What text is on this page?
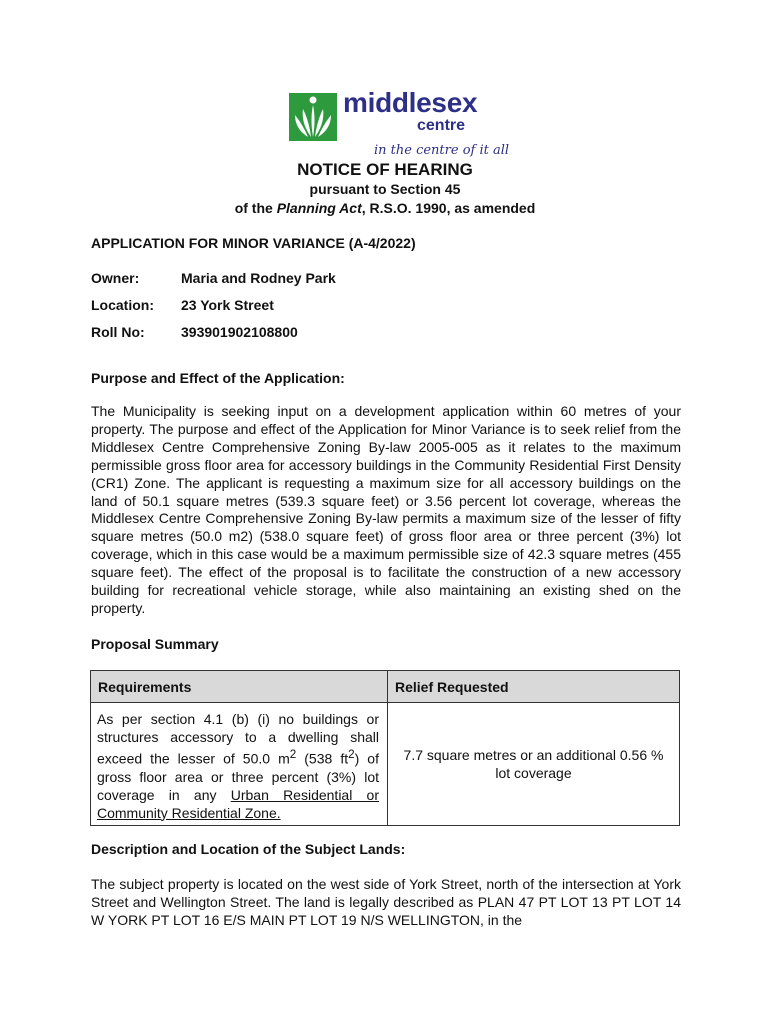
middlesex
centre
in the centre of it all
NOTICE OF HEARING
pursuant to Section 45
of the Planning Act, R.S.O. 1990, as amended
APPLICATION FOR MINOR VARIANCE (A-4/2022)
Owner:	Maria and Rodney Park
Location: 23 York Street
Roll No:	393901902108800
Purpose and Effect of the Application:
The Municipality is seeking input on a development application within 60 metres of your property. The purpose and effect of the Application for Minor Variance is to seek relief from the Middlesex Centre Comprehensive Zoning By-law 2005-005 as it relates to the maximum permissible gross floor area for accessory buildings in the Community Residential First Density (CR1) Zone. The applicant is requesting a maximum size for all accessory buildings on the land of 50.1 square metres (539.3 square feet) or 3.56 percent lot coverage, whereas the Middlesex Centre Comprehensive Zoning By-law permits a maximum size of the lesser of fifty square metres (50.0 m2) (538.0 square feet) of gross floor area or three percent (3%) lot coverage, which in this case would be a maximum permissible size of 42.3 square metres (455 square feet). The effect of the proposal is to facilitate the construction of a new accessory building for recreational vehicle storage, while also maintaining an existing shed on the property.
Proposal Summary
Requirements	Relief Requested
As per section 4.1 (b) (i) no buildings or structures accessory to a dwelling shall exceed the lesser of 50.0 $m^2$ (538 $ft^2$) of gross floor area or three percent (3%) lot coverage in any Urban Residential or Community Residential Zone.	7.7 square metres or an additional 0.56 % lot coverage
Description and Location of the Subject Lands:
The subject property is located on the west side of York Street, north of the intersection at York Street and Wellington Street. The land is legally described as PLAN 47 PT LOT 13 PT LOT 14 W YORK PT LOT 16 E/S MAIN PT LOT 19 N/S WELLINGTON, in the
